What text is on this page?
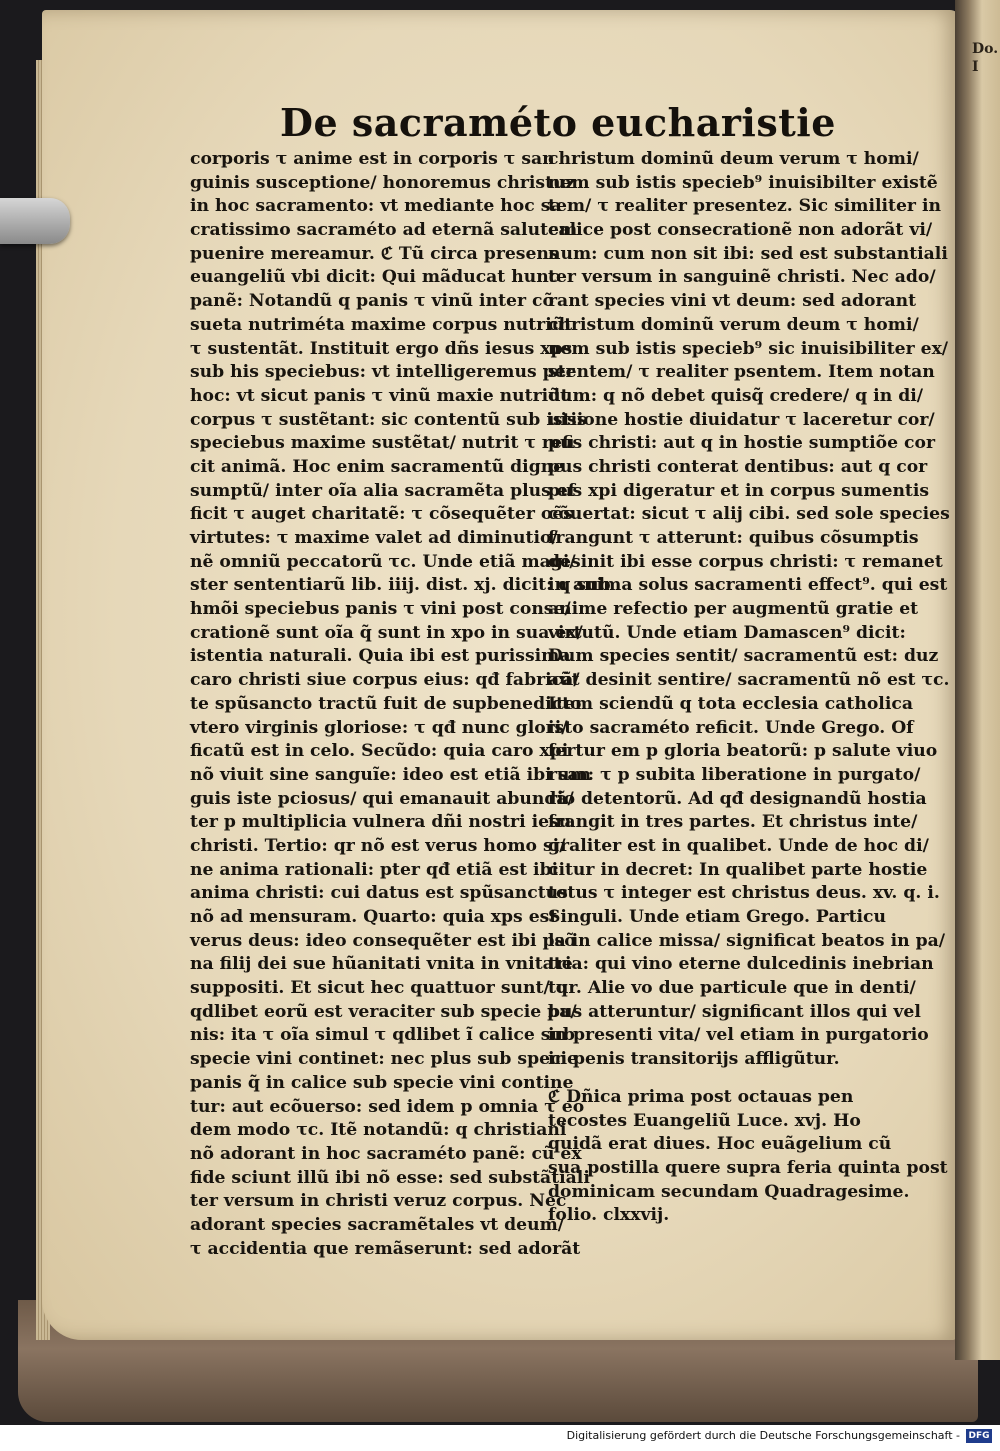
Do. I
De sacraméto eucharistie
corporis τ anime est in corporis τ san
guinis susceptione/ honoremus christuz
in hoc sacramento: vt mediante hoc sa
cratissimo sacraméto ad eternã salutem
puenire mereamur. ℭ Tũ circa presens
euangeliũ vbi dicit: Qui mãducat hunc
panẽ: Notandũ q panis τ vinũ inter cõ
sueta nutriméta maxime corpus nutriũt
τ sustentãt. Instituit ergo dñs iesus xps
sub his speciebus: vt intelligeremus per
hoc: vt sicut panis τ vinũ maxie nutriũt
corpus τ sustẽtant: sic contentũ sub istis
speciebus maxime sustẽtat/ nutrit τ refi
cit animã. Hoc enim sacramentũ digne
sumptũ/ inter oĩa alia sacramẽta plus ef
ficit τ auget charitatẽ: τ cõsequẽter oẽs
virtutes: τ maxime valet ad diminutio/
nẽ omniũ peccatorũ τc. Unde etiã magi/
ster sententiarũ lib. iiij. dist. xj. dicit: q sub
hmõi speciebus panis τ vini post conse/
crationẽ sunt oĩa q̃ sunt in xpo in sua ex/
istentia naturali. Quia ibi est purissima
caro christi siue corpus eius: qđ fabricã/
te spũsancto tractũ fuit de supbenedicto
vtero virginis gloriose: τ qđ nunc glori/
ficatũ est in celo. Secũdo: quia caro xpi
nõ viuit sine sanguĩe: ideo est etiã ibi san
guis iste pciosus/ qui emanauit abundã/
ter p multiplicia vulnera dñi nostri iesu
christi. Tertio: qr nõ est verus homo si/
ne anima rationali: pter qđ etiã est ibi
anima christi: cui datus est spũsanctus
nõ ad mensuram. Quarto: quia xps est
verus deus: ideo consequẽter est ibi psõ
na filij dei sue hũanitati vnita in vnitate
suppositi. Et sicut hec quattuor sunt/ q
qdlibet eorũ est veraciter sub specie pa/
nis: ita τ oĩa simul τ qdlibet ĩ calice sub
specie vini continet: nec plus sub specie
panis q̃ in calice sub specie vini contine
tur: aut ecõuerso: sed idem p omnia τ eo
dem modo τc. Itẽ notandũ: q christiani
nõ adorant in hoc sacraméto panẽ: cũ ex
fide sciunt illũ ibi nõ esse: sed substãtiali
ter versum in christi veruz corpus. Nec
adorant species sacramẽtales vt deum/
τ accidentia que remãserunt: sed adorãt
christum dominũ deum verum τ homi/
nem sub istis specieb⁹ inuisibilter existẽ
tem/ τ realiter presentez. Sic similiter in
calice post consecrationẽ non adorãt vi/
num: cum non sit ibi: sed est substantiali
ter versum in sanguinẽ christi. Nec ado/
rant species vini vt deum: sed adorant
christum dominũ verum deum τ homi/
nem sub istis specieb⁹ sic inuisibiliter ex/
stentem/ τ realiter psentem. Item notan
dum: q nõ debet quisq̃ credere/ q in di/
uisione hostie diuidatur τ laceretur cor/
pus christi: aut q in hostie sumptiõe cor
pus christi conterat dentibus: aut q cor
pus xpi digeratur et in corpus sumentis
cõuertat: sicut τ alij cibi. sed sole species
frangunt τ atterunt: quibus cõsumptis
desinit ibi esse corpus christi: τ remanet
in anima solus sacramenti effect⁹. qui est
anime refectio per augmentũ gratie et
virtutũ. Unde etiam Damascen⁹ dicit:
Dum species sentit/ sacramentũ est: duz
aũt desinit sentire/ sacramentũ nõ est τc.
Item sciendũ q tota ecclesia catholica
isto sacraméto reficit. Unde Grego. Of
fertur em p gloria beatorũ: p salute viuo
rum: τ p subita liberatione in purgato/
rio detentorũ. Ad qđ designandũ hostia
frangit in tres partes. Et christus inte/
graliter est in qualibet. Unde de hoc di/
citur in decret: In qualibet parte hostie
totus τ integer est christus deus. xv. q. i.
Singuli. Unde etiam Grego. Particu
la in calice missa/ significat beatos in pa/
tria: qui vino eterne dulcedinis inebrian
tur. Alie vo due particule que in denti/
bus atteruntur/ significant illos qui vel
in presenti vita/ vel etiam in purgatorio
in penis transitorijs affligũtur.
ℭ Dñica prima post octauas pen
tecostes Euangeliũ Luce. xvj. Ho
quidã erat diues. Hoc euãgelium cũ
sua postilla quere supra feria quinta post
dominicam secundam Quadragesime.
folio. clxxvij.
Digitalisierung gefördert durch die Deutsche Forschungsgemeinschaft - DFG
